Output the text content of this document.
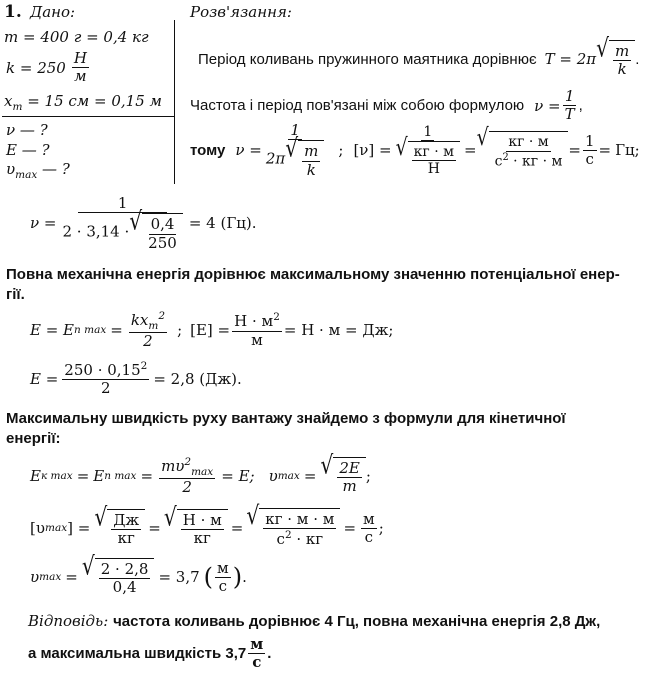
1. Дано:	Розв'язання:
m = 400 г = 0,4 кг
$k = 250 \frac{Н}{м}$
$x_m = 15$ см = 0,15 м
ν — ?
E — ?
$\upsilon_{max}$ — ?
Період коливань пружинного маятника дорівнює T = 2π √ $\frac{m}{k}$ .
Частота і період пов'язані між собою формулою $\nu = \frac{1}{T}$ ,
тому $\nu = \frac{1}{2\pi √ \frac{m}{k}}$ ; $[\nu] = \frac{1}{√ \frac{кг \cdot м}{Н}}$ = √ $\frac{кг \cdot м}{с^2 \cdot кг \cdot м} = \frac{1}{с}$ = Гц;
$\nu = \frac{1}{2 \cdot 3,14 \cdot √ \frac{0,4}{250}} = 4$ (Гц).
Повна механічна енергія дорівнює максимальному значенню потенціальної енер-
гії.
E = E п $\max = \frac{kx_m^2}{2}$ ; $[E] = \frac{Н \cdot м^2}{м} = Н \cdot м$ = Дж;
$E = \frac{250 \cdot 0,15^2}{2} = 2,8$ (Дж).
Максимальну швидкість руху вантажу знайдемо з формули для кінетичної
енергії:
E к max = E п $\max = \frac{m\upsilon^2_{max}}{2} = E$; υ max = √ $\frac{2E}{m}$ ;
[υ max ] = √ $\frac{Дж}{кг}$ = √ $\frac{Н \cdot м}{кг}$ = √ $\frac{кг \cdot м \cdot м}{с^2 \cdot кг} = \frac{м}{с}$ ;
υ max = √ $\frac{2 \cdot 2,8}{0,4} = 3,7$ ( $\frac{м}{с}$ ) .
Відповідь: частота коливань дорівнює 4 Гц, повна механічна енергія 2,8 Дж,
а максимальна швидкість $3,7 \frac{м}{с}$ .
